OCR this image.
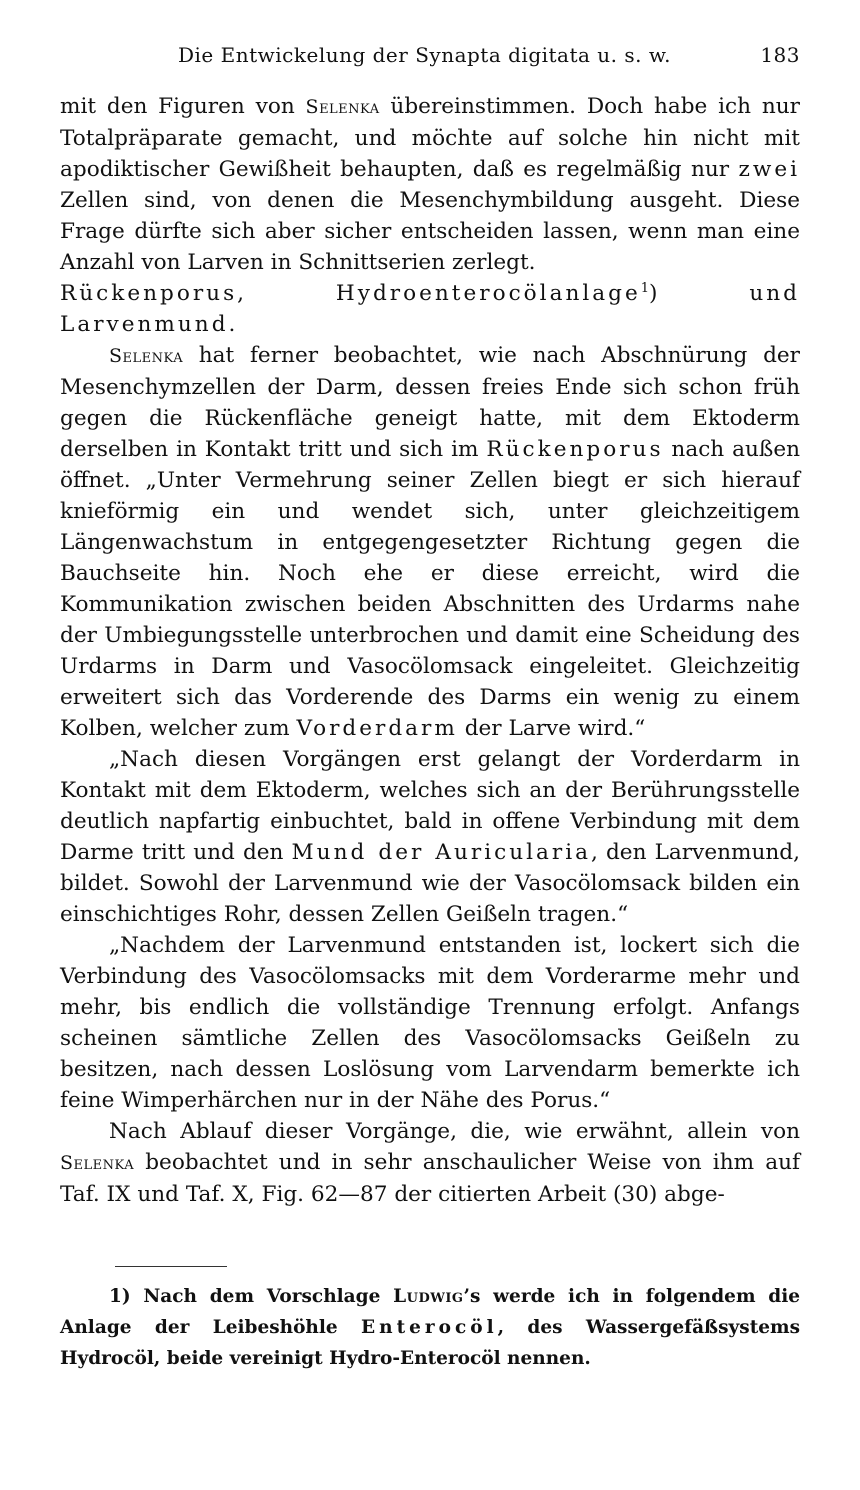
Die Entwickelung der Synapta digitata u. s. w.	183

mit den Figuren von Selenka übereinstimmen. Doch habe ich nur Totalpräparate gemacht, und möchte auf solche hin nicht mit apodiktischer Gewißheit behaupten, daß es regelmäßig nur zwei Zellen sind, von denen die Mesenchymbildung ausgeht. Diese Frage dürfte sich aber sicher entscheiden lassen, wenn man eine Anzahl von Larven in Schnittserien zerlegt.

Rückenporus, Hydroenterocölanlage$^1$) und Larvenmund.

Selenka hat ferner beobachtet, wie nach Abschnürung der Mesenchymzellen der Darm, dessen freies Ende sich schon früh gegen die Rückenfläche geneigt hatte, mit dem Ektoderm derselben in Kontakt tritt und sich im Rückenporus nach außen öffnet. „Unter Vermehrung seiner Zellen biegt er sich hierauf knieförmig ein und wendet sich, unter gleichzeitigem Längenwachstum in entgegengesetzter Richtung gegen die Bauchseite hin. Noch ehe er diese erreicht, wird die Kommunikation zwischen beiden Abschnitten des Urdarms nahe der Umbiegungsstelle unterbrochen und damit eine Scheidung des Urdarms in Darm und Vasocölomsack eingeleitet. Gleichzeitig erweitert sich das Vorderende des Darms ein wenig zu einem Kolben, welcher zum Vorderdarm der Larve wird.“

„Nach diesen Vorgängen erst gelangt der Vorderdarm in Kontakt mit dem Ektoderm, welches sich an der Berührungsstelle deutlich napfartig einbuchtet, bald in offene Verbindung mit dem Darme tritt und den Mund der Auricularia, den Larvenmund, bildet. Sowohl der Larvenmund wie der Vasocölomsack bilden ein einschichtiges Rohr, dessen Zellen Geißeln tragen.“

„Nachdem der Larvenmund entstanden ist, lockert sich die Verbindung des Vasocölomsacks mit dem Vorderarme mehr und mehr, bis endlich die vollständige Trennung erfolgt. Anfangs scheinen sämtliche Zellen des Vasocölomsacks Geißeln zu besitzen, nach dessen Loslösung vom Larvendarm bemerkte ich feine Wimperhärchen nur in der Nähe des Porus.“

Nach Ablauf dieser Vorgänge, die, wie erwähnt, allein von Selenka beobachtet und in sehr anschaulicher Weise von ihm auf Taf. IX und Taf. X, Fig. 62—87 der citierten Arbeit (30) abge-

1) Nach dem Vorschlage Ludwig’s werde ich in folgendem die Anlage der Leibeshöhle Enterocöl, des Wassergefäßsystems Hydrocöl, beide vereinigt Hydro-Enterocöl nennen.
